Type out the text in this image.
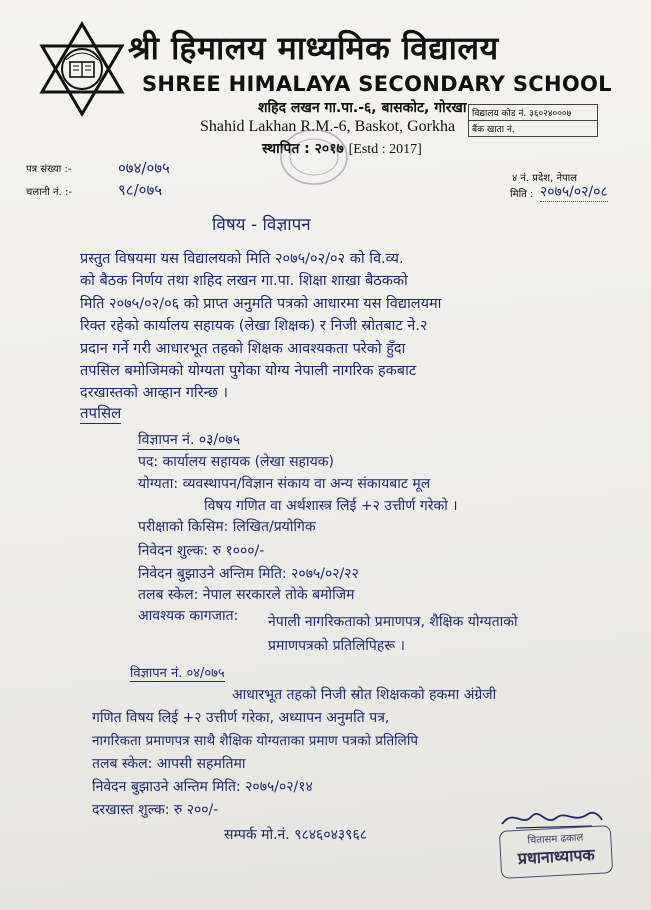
श्री हिमालय माध्यमिक विद्यालय
SHREE HIMALAYA SECONDARY SCHOOL
शहिद लखन गा.पा.-६, बासकोट, गोरखा
Shahid Lakhan R.M.-6, Baskot, Gorkha
स्थापित : २०१७ [Estd : 2017]
विद्यालय कोड नं. ३६०२४०००७
बैंक खाता नं.
४ नं. प्रदेश, नेपाल
पत्र संख्या :-	०७४/०७५
चलानी नं. :-	९८/०७५	मिति : २०७५/०२/०८
विषय - विज्ञापन
प्रस्तुत विषयमा यस विद्यालयको मिति २०७५/०२/०२ को वि.व्य.
को बैठक निर्णय तथा शहिद लखन गा.पा. शिक्षा शाखा बैठकको
मिति २०७५/०२/०६ को प्राप्त अनुमति पत्रको आधारमा यस विद्यालयमा
रिक्त रहेको कार्यालय सहायक (लेखा शिक्षक) र निजी स्रोतबाट ने.२
प्रदान गर्ने गरी आधारभूत तहको शिक्षक आवश्यकता परेको हुँदा
तपसिल बमोजिमको योग्यता पुगेका योग्य नेपाली नागरिक हकबाट
दरखास्तको आव्हान गरिन्छ ।
तपसिल
विज्ञापन नं. ०३/०७५
पद: कार्यालय सहायक (लेखा सहायक)
योग्यता: व्यवस्थापन/विज्ञान संकाय वा अन्य संकायबाट मूल
विषय गणित वा अर्थशास्त्र लिई +२ उत्तीर्ण गरेको ।
परीक्षाको किसिम: लिखित/प्रयोगिक
निवेदन शुल्क: रु १०००/-
निवेदन बुझाउने अन्तिम मिति: २०७५/०२/२२
तलब स्केल: नेपाल सरकारले तोके बमोजिम
आवश्यक कागजात: नेपाली नागरिकताको प्रमाणपत्र, शैक्षिक योग्यताको
प्रमाणपत्रको प्रतिलिपिहरू ।
विज्ञापन नं. ०४/०७५
आधारभूत तहको निजी स्रोत शिक्षकको हकमा अंग्रेजी
गणित विषय लिई +२ उत्तीर्ण गरेका, अध्यापन अनुमति पत्र,
नागरिकता प्रमाणपत्र साथै शैक्षिक योग्यताका प्रमाण पत्रको प्रतिलिपि
तलब स्केल: आपसी सहमतिमा
निवेदन बुझाउने अन्तिम मिति: २०७५/०२/१४
दरखास्त शुल्क: रु २००/-
सम्पर्क मो.नं. ९८४६०४३९६८	चितासम ढकाल
प्रधानाध्यापक
